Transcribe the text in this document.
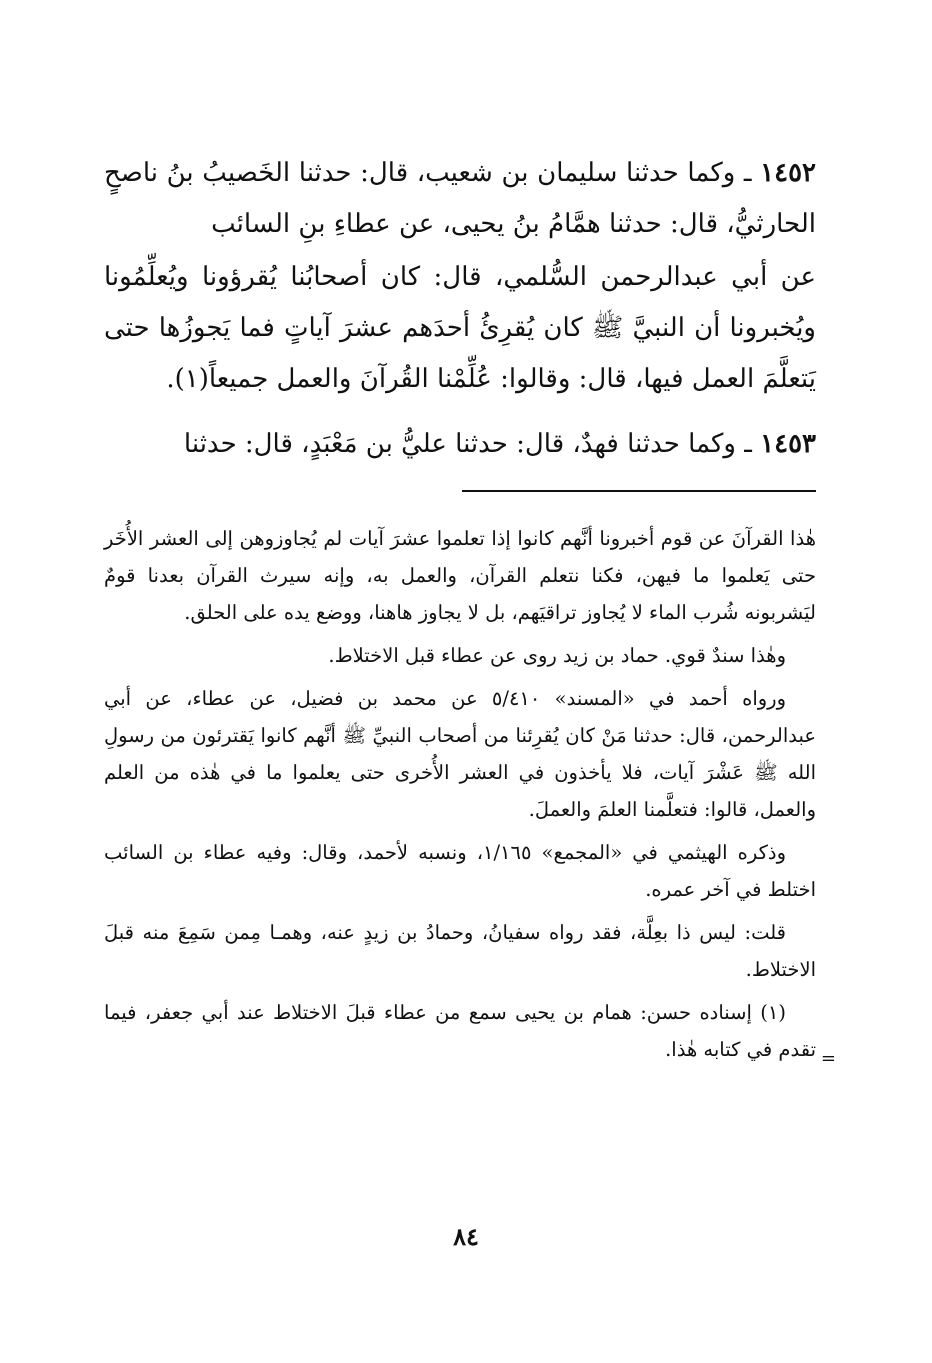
١٤٥٢ ـ وكما حدثنا سليمان بن شعيب، قال: حدثنا الخَصيبُ بنُ ناصحٍ الحارثيُّ، قال: حدثنا همَّامُ بنُ يحيى، عن عطاءِ بنِ السائب

عن أبي عبدالرحمن السُّلمي، قال: كان أصحابُنا يُقرؤونا ويُعلِّمُونا ويُخبرونا أن النبيَّ ﷺ كان يُقرِئُ أحدَهم عشرَ آياتٍ فما يَجوزُها حتى يَتعلَّمَ العمل فيها، قال: وقالوا: عُلِّمْنا القُرآنَ والعمل جميعاً(١).

١٤٥٣ ـ وكما حدثنا فهدٌ، قال: حدثنا عليُّ بن مَعْبَدٍ، قال: حدثنا

=

هٰذا القرآنَ عن قوم أخبرونا أنَّهم كانوا إذا تعلموا عشرَ آيات لم يُجاوزوهن إلى العشر الأُخَر حتى يَعلموا ما فيهن، فكنا نتعلم القرآن، والعمل به، وإنه سيرث القرآن بعدنا قومٌ ليَشربونه شُرب الماء لا يُجاوز تراقيَهم، بل لا يجاوز هاهنا، ووضع يده على الحلق.

وهٰذا سندٌ قوي. حماد بن زيد روى عن عطاء قبل الاختلاط.

ورواه أحمد في «المسند» ٥/٤١٠ عن محمد بن فضيل، عن عطاء، عن أبي عبدالرحمن، قال: حدثنا مَنْ كان يُقرِئنا من أصحاب النبيِّ ﷺ أنَّهم كانوا يَقترئون من رسولِ الله ﷺ عَشْرَ آيات، فلا يأخذون في العشر الأُخرى حتى يعلموا ما في هٰذه من العلم والعمل، قالوا: فتعلَّمنا العلمَ والعملَ.

وذكره الهيثمي في «المجمع» ١/١٦٥، ونسبه لأحمد، وقال: وفيه عطاء بن السائب اختلط في آخر عمره.

قلت: ليس ذا بعِلَّة، فقد رواه سفيانُ، وحمادُ بن زيدٍ عنه، وهمـا مِمن سَمِعَ منه قبلَ الاختلاط.

(١) إسناده حسن: همام بن يحيى سمع من عطاء قبلَ الاختلاط عند أبي جعفر، فيما تقدم في كتابه هٰذا.

٨٤
